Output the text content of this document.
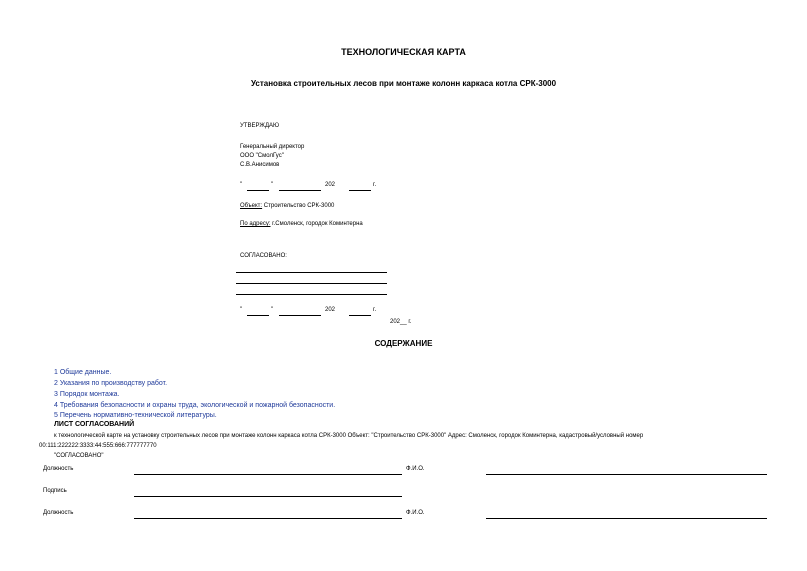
ТЕХНОЛОГИЧЕСКАЯ КАРТА
Установка строительных лесов при монтаже колонн каркаса котла СРК-3000
УТВЕРЖДАЮ
Генеральный директор
ООО "СмолГус"
С.В.Анисимов
"	"	202	г.
Объект: Строительство СРК-3000
По адресу: г.Смоленск, городок Коминтерна
СОГЛАСОВАНО:
"	"	202	г.
202__ г.
СОДЕРЖАНИЕ
1 Общие данные.
2 Указания по производству работ.
3 Порядок монтажа.
4 Требования безопасности и охраны труда, экологической и пожарной безопасности.
5 Перечень нормативно-технической литературы.
ЛИСТ СОГЛАСОВАНИЙ
к технологической карте на установку строительных лесов при монтаже колонн каркаса котла СРК-3000 Объект: "Строительство СРК-3000" Адрес: Смоленск, городок Коминтерна, кадастровый/условный номер
00:111:222222:3333:44:555:666:777777770
"СОГЛАСОВАНО"
Должность	Ф.И.О.
Подпись
Должность	Ф.И.О.
